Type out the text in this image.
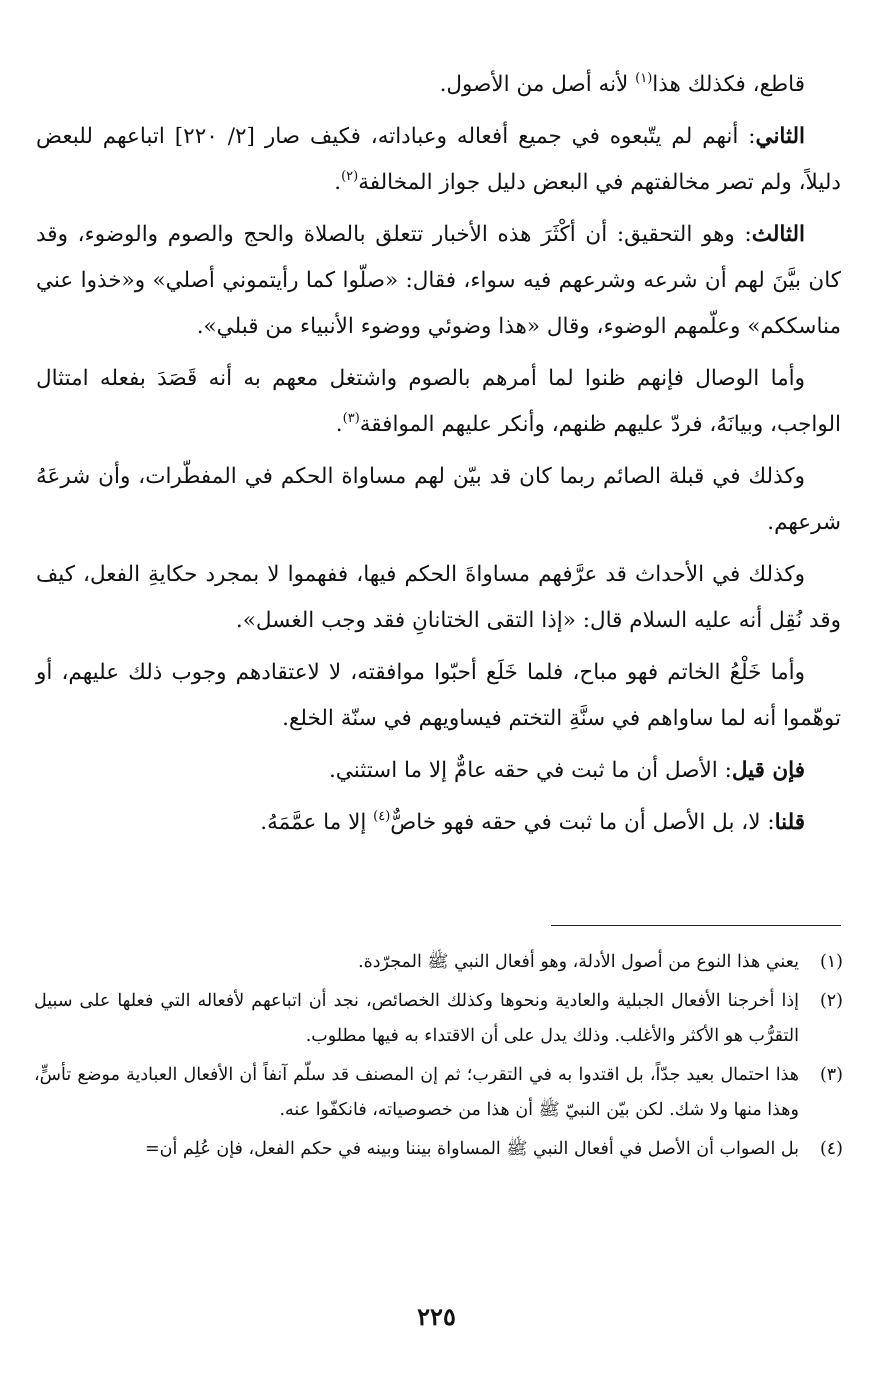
قاطع، فكذلك هذا$^{(١)}$ لأنه أصل من الأصول.

الثاني: أنهم لم يتّبعوه في جميع أفعاله وعباداته، فكيف صار [٢/ ٢٢٠] اتباعهم للبعض دليلاً، ولم تصر مخالفتهم في البعض دليل جواز المخالفة$^{(٢)}$.

الثالث: وهو التحقيق: أن أكْثَرَ هذه الأخبار تتعلق بالصلاة والحج والصوم والوضوء، وقد كان بيَّنَ لهم أن شرعه وشرعهم فيه سواء، فقال: «صلّوا كما رأيتموني أصلي» و«خذوا عني مناسككم» وعلّمهم الوضوء، وقال «هذا وضوئي ووضوء الأنبياء من قبلي».

وأما الوصال فإنهم ظنوا لما أمرهم بالصوم واشتغل معهم به أنه قَصَدَ بفعله امتثال الواجب، وبيانَهُ، فردّ عليهم ظنهم، وأنكر عليهم الموافقة$^{(٣)}$.

وكذلك في قبلة الصائم ربما كان قد بيّن لهم مساواة الحكم في المفطّرات، وأن شرعَهُ شرعهم.

وكذلك في الأحداث قد عرَّفهم مساواةَ الحكم فيها، ففهموا لا بمجرد حكايةِ الفعل، كيف وقد نُقِل أنه عليه السلام قال: «إذا التقى الختانانِ فقد وجب الغسل».

وأما خَلْعُ الخاتم فهو مباح، فلما خَلَع أحبّوا موافقته، لا لاعتقادهم وجوب ذلك عليهم، أو توهّموا أنه لما ساواهم في سنَّةِ التختم فيساويهم في سنّة الخلع.

فإن قيل: الأصل أن ما ثبت في حقه عامٌّ إلا ما استثني.

قلنا: لا، بل الأصل أن ما ثبت في حقه فهو خاصٌّ$^{(٤)}$ إلا ما عمَّمَهُ.

(١)
يعني هذا النوع من أصول الأدلة، وهو أفعال النبي ﷺ المجرّدة.
(٢)
إذا أخرجنا الأفعال الجبلية والعادية ونحوها وكذلك الخصائص، نجد أن اتباعهم لأفعاله التي فعلها على سبيل التقرُّب هو الأكثر والأغلب. وذلك يدل على أن الاقتداء به فيها مطلوب.
(٣)
هذا احتمال بعيد جدّاً، بل اقتدوا به في التقرب؛ ثم إن المصنف قد سلّم آنفاً أن الأفعال العبادية موضع تأسٍّ، وهذا منها ولا شك. لكن بيّن النبيّ ﷺ أن هذا من خصوصياته، فانكفّوا عنه.
(٤)
بل الصواب أن الأصل في أفعال النبي ﷺ المساواة بيننا وبينه في حكم الفعل، فإن عُلِم أن=
٢٢٥
